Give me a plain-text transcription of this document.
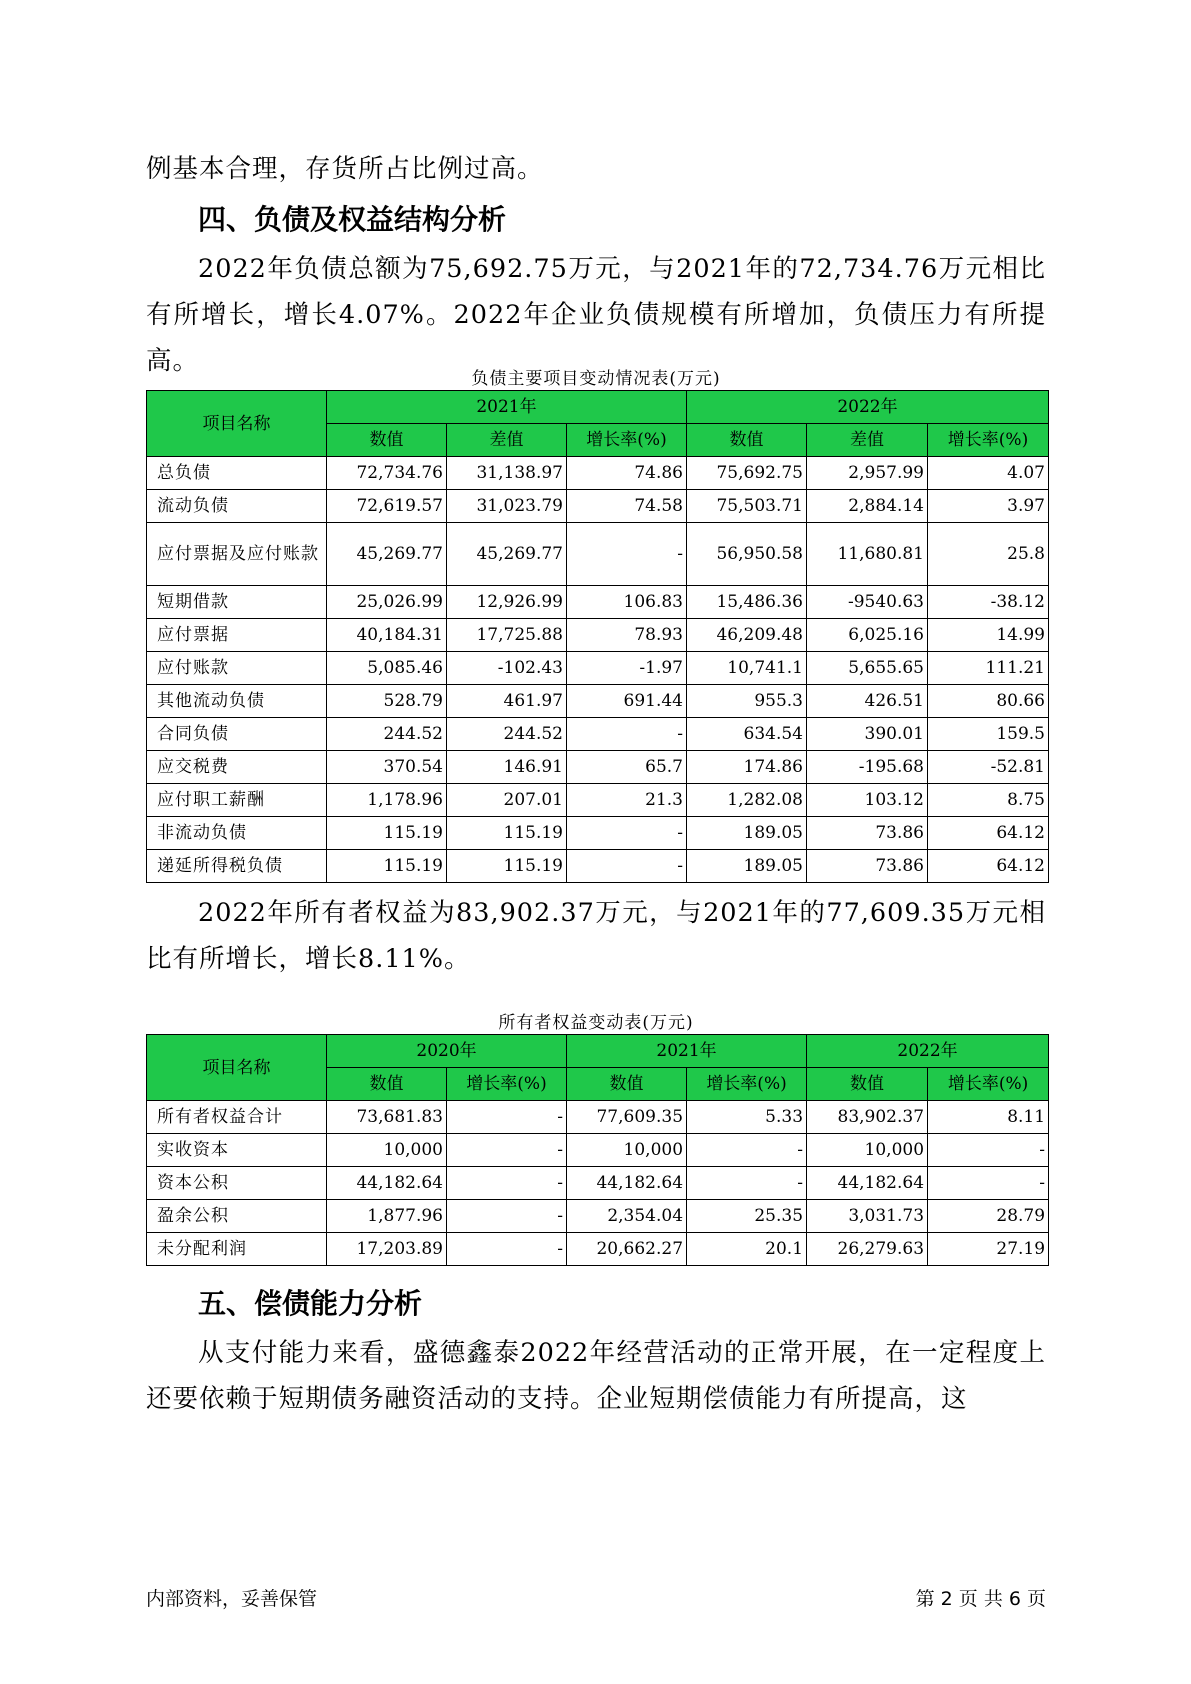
例基本合理，存货所占比例过高。

四、负债及权益结构分析

2022年负债总额为75,692.75万元，与2021年的72,734.76万元相比有所增长，增长4.07%。2022年企业负债规模有所增加，负债压力有所提高。

负债主要项目变动情况表(万元)

项目名称	2021年			2022年		
	数值	差值	增长率(%)	数值	差值	增长率(%)
总负债	72,734.76	31,138.97	74.86	75,692.75	2,957.99	4.07
流动负债	72,619.57	31,023.79	74.58	75,503.71	2,884.14	3.97
应付票据及应付账款	45,269.77	45,269.77	-	56,950.58	11,680.81	25.8
短期借款	25,026.99	12,926.99	106.83	15,486.36	-9540.63	-38.12
应付票据	40,184.31	17,725.88	78.93	46,209.48	6,025.16	14.99
应付账款	5,085.46	-102.43	-1.97	10,741.1	5,655.65	111.21
其他流动负债	528.79	461.97	691.44	955.3	426.51	80.66
合同负债	244.52	244.52	-	634.54	390.01	159.5
应交税费	370.54	146.91	65.7	174.86	-195.68	-52.81
应付职工薪酬	1,178.96	207.01	21.3	1,282.08	103.12	8.75
非流动负债	115.19	115.19	-	189.05	73.86	64.12
递延所得税负债	115.19	115.19	-	189.05	73.86	64.12

2022年所有者权益为83,902.37万元，与2021年的77,609.35万元相比有所增长，增长8.11%。

所有者权益变动表(万元)

项目名称	2020年		2021年		2022年	
	数值	增长率(%)	数值	增长率(%)	数值	增长率(%)
所有者权益合计	73,681.83	-	77,609.35	5.33	83,902.37	8.11
实收资本	10,000	-	10,000	-	10,000	-
资本公积	44,182.64	-	44,182.64	-	44,182.64	-
盈余公积	1,877.96	-	2,354.04	25.35	3,031.73	28.79
未分配利润	17,203.89	-	20,662.27	20.1	26,279.63	27.19
五、偿债能力分析

从支付能力来看，盛德鑫泰2022年经营活动的正常开展，在一定程度上还要依赖于短期债务融资活动的支持。企业短期偿债能力有所提高，这

内部资料，妥善保管	第 2 页 共 6 页
